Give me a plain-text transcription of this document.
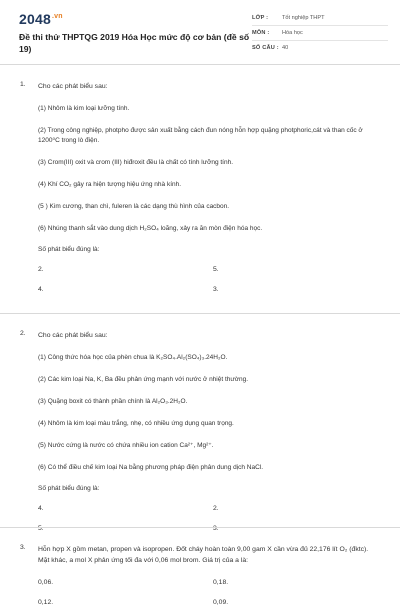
$2048^{.vn}$
Đề thi thử THPTQG 2019 Hóa Học mức độ cơ bản (đề số 19)
LỚP :	Tốt nghiệp THPT
MÔN :	Hóa học
SỐ CÂU : 40
1. Cho các phát biểu sau:
(1) Nhôm là kim loại lưỡng tính.
(2) Trong công nghiệp, photpho được sản xuất bằng cách đun nóng hỗn hợp quặng photphoric,cát và than cốc ở 1200⁰C trong lò điện.
(3) Crom(III) oxit và crom (III) hiđroxit đều là chất có tính lưỡng tính.
(4) Khí CO₂ gây ra hiện tượng hiệu ứng nhà kính.
(5 ) Kim cương, than chì, fuleren là các dạng thù hình của cacbon.
(6) Nhúng thanh sắt vào dung dịch H₂SO₄ loãng, xảy ra ăn mòn điện hóa học.
Số phát biểu đúng là:
2.	5.
4.	3.
2. Cho các phát biểu sau:
(1) Công thức hóa học của phèn chua là K₂SO₄.Al₂(SO₄)₃.24H₂O.
(2) Các kim loại Na, K, Ba đều phản ứng mạnh với nước ở nhiệt thường.
(3) Quặng boxit có thành phần chính là Al₂O₃.2H₂O.
(4) Nhôm là kim loại màu trắng, nhẹ, có nhiều ứng dụng quan trọng.
(5) Nước cứng là nước có chứa nhiều ion cation Ca²⁺, Mg²⁺.
(6) Có thể điều chế kim loại Na bằng phương pháp điện phân dung dịch NaCl.
Số phát biểu đúng là:
4.	2.
5.	3.
3. Hỗn hợp X gồm metan, propen và isopropen. Đốt cháy hoàn toàn 9,00 gam X cần vừa đủ 22,176 lít O₂ (đktc). Mặt khác, a mol X phản ứng tối đa với 0,06 mol brom. Giá trị của a là:
0,06.	0,18.
0,12.	0,09.
